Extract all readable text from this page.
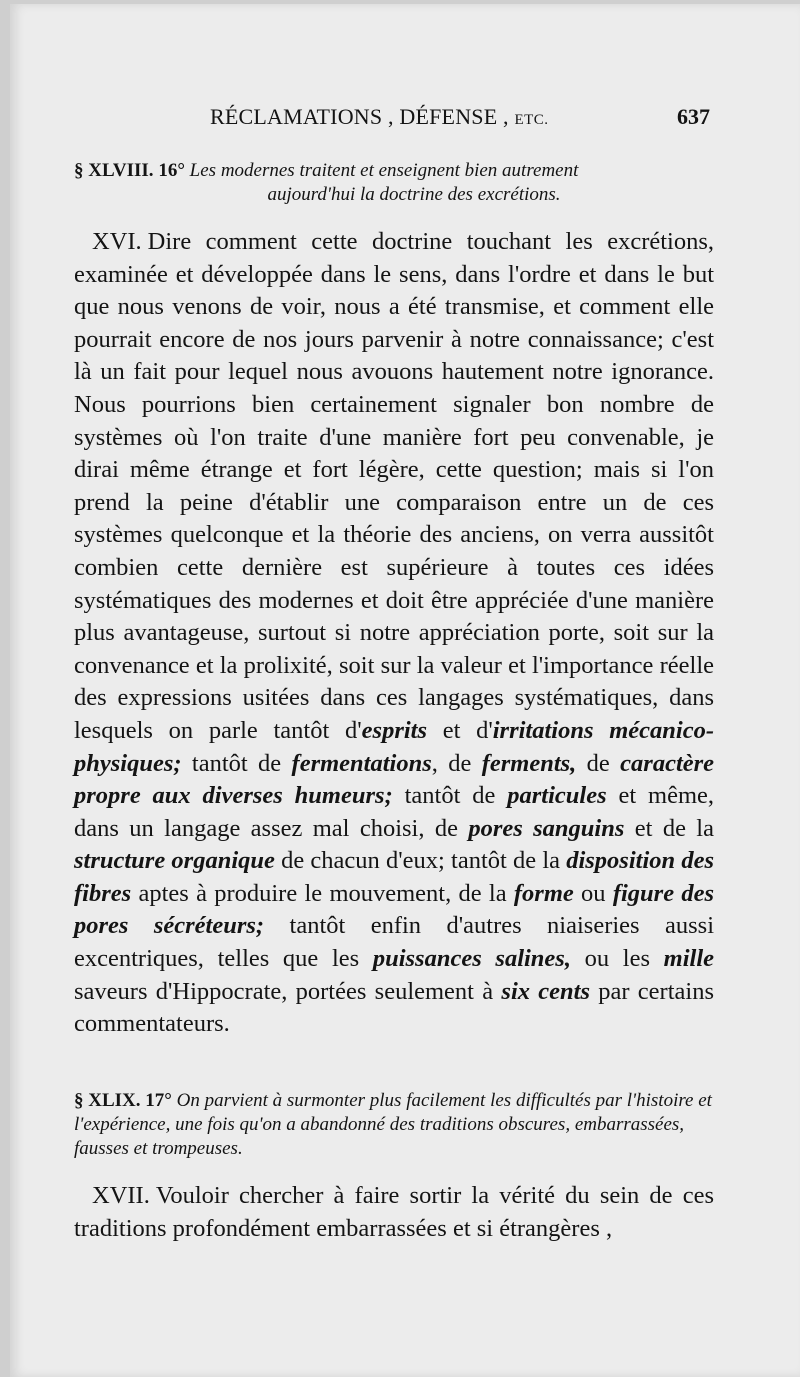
RÉCLAMATIONS , DÉFENSE , ETC.	637
§ XLVIII. 16° Les modernes traitent et enseignent bien autrement
aujourd'hui la doctrine des excrétions.
XVI. Dire comment cette doctrine touchant les excrétions, examinée et développée dans le sens, dans l'ordre et dans le but que nous venons de voir, nous a été transmise, et comment elle pourrait encore de nos jours parvenir à notre connaissance; c'est là un fait pour lequel nous avouons hautement notre ignorance. Nous pourrions bien certainement signaler bon nombre de systèmes où l'on traite d'une manière fort peu convenable, je dirai même étrange et fort légère, cette question; mais si l'on prend la peine d'établir une comparaison entre un de ces systèmes quelconque et la théorie des anciens, on verra aussitôt combien cette dernière est supérieure à toutes ces idées systématiques des modernes et doit être appréciée d'une manière plus avantageuse, surtout si notre appréciation porte, soit sur la convenance et la prolixité, soit sur la valeur et l'importance réelle des expressions usitées dans ces langages systématiques, dans lesquels on parle tantôt d'esprits et d'irritations mécanico-physiques; tantôt de fermentations, de ferments, de caractère propre aux diverses humeurs; tantôt de particules et même, dans un langage assez mal choisi, de pores sanguins et de la structure organique de chacun d'eux; tantôt de la disposition des fibres aptes à produire le mouvement, de la forme ou figure des pores sécréteurs; tantôt enfin d'autres niaiseries aussi excentriques, telles que les puissances salines, ou les mille saveurs d'Hippocrate, portées seulement à six cents par certains commentateurs.
§ XLIX. 17° On parvient à surmonter plus facilement les difficultés par l'histoire et l'expérience, une fois qu'on a abandonné des traditions obscures, embarrassées, fausses et trompeuses.
XVII. Vouloir chercher à faire sortir la vérité du sein de ces traditions profondément embarrassées et si étrangères ,
